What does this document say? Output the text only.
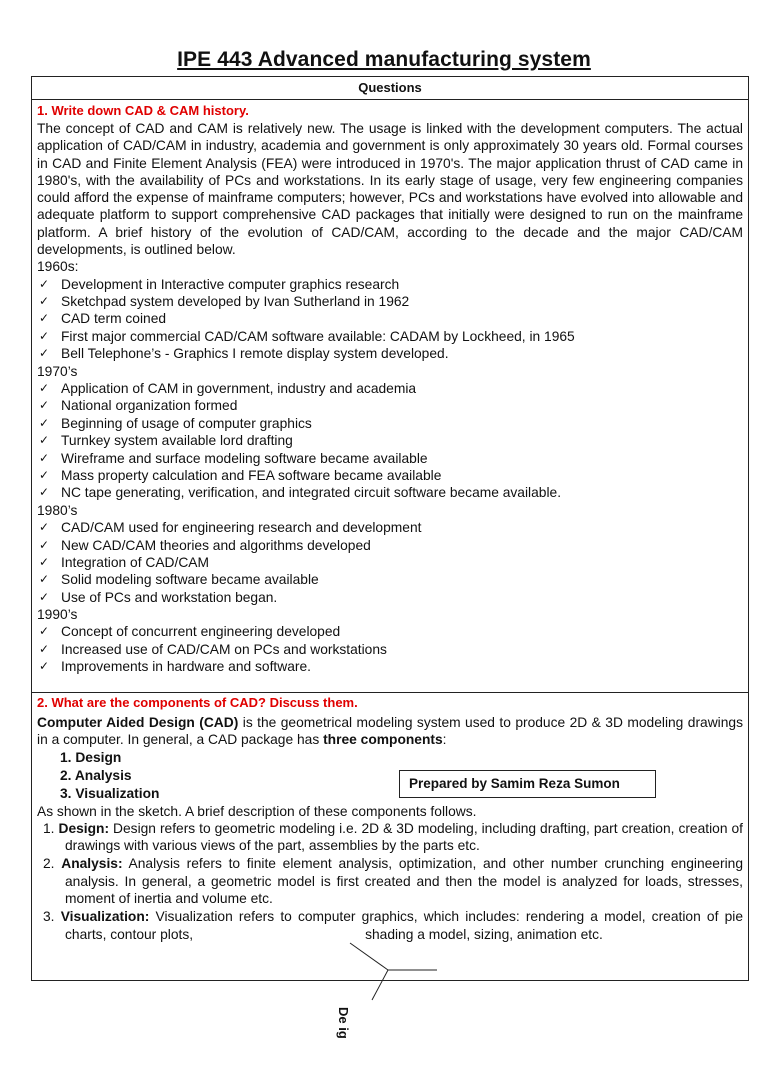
IPE 443 Advanced manufacturing system
Questions
1. Write down CAD & CAM history.
The concept of CAD and CAM is relatively new. The usage is linked with the development computers. The actual application of CAD/CAM in industry, academia and government is only approximately 30 years old. Formal courses in CAD and Finite Element Analysis (FEA) were introduced in 1970's. The major application thrust of CAD came in 1980's, with the availability of PCs and workstations. In its early stage of usage, very few engineering companies could afford the expense of mainframe computers; however, PCs and workstations have evolved into allowable and adequate platform to support comprehensive CAD packages that initially were designed to run on the mainframe platform. A brief history of the evolution of CAD/CAM, according to the decade and the major CAD/CAM developments, is outlined below.
1960s:
✓ Development in Interactive computer graphics research
✓ Sketchpad system developed by Ivan Sutherland in 1962
✓ CAD term coined
✓ First major commercial CAD/CAM software available: CADAM by Lockheed, in 1965
✓ Bell Telephone’s - Graphics I remote display system developed.
1970’s
✓ Application of CAM in government, industry and academia
✓ National organization formed
✓ Beginning of usage of computer graphics
✓ Turnkey system available lord drafting
✓ Wireframe and surface modeling software became available
✓ Mass property calculation and FEA software became available
✓ NC tape generating, verification, and integrated circuit software became available.
1980’s
✓ CAD/CAM used for engineering research and development
✓ New CAD/CAM theories and algorithms developed
✓ Integration of CAD/CAM
✓ Solid modeling software became available
✓ Use of PCs and workstation began.
1990’s
✓ Concept of concurrent engineering developed
✓ Increased use of CAD/CAM on PCs and workstations
✓ Improvements in hardware and software.
2. What are the components of CAD? Discuss them.
Computer Aided Design (CAD) is the geometrical modeling system used to produce 2D & 3D modeling drawings in a computer. In general, a CAD package has three components:
1. Design
2. Analysis
3. Visualization
Prepared by Samim Reza Sumon
As shown in the sketch. A brief description of these components follows.

1. Design: Design refers to geometric modeling i.e. 2D & 3D modeling, including drafting, part creation, creation of drawings with various views of the part, assemblies by the parts etc.

2. Analysis: Analysis refers to finite element analysis, optimization, and other number crunching engineering analysis. In general, a geometric model is first created and then the model is analyzed for loads, stresses, moment of inertia and volume etc.

3. Visualization: Visualization refers to computer graphics, which includes: rendering a model, creation of pie charts, contour plots,	shading a model, sizing, animation etc.

De ig
